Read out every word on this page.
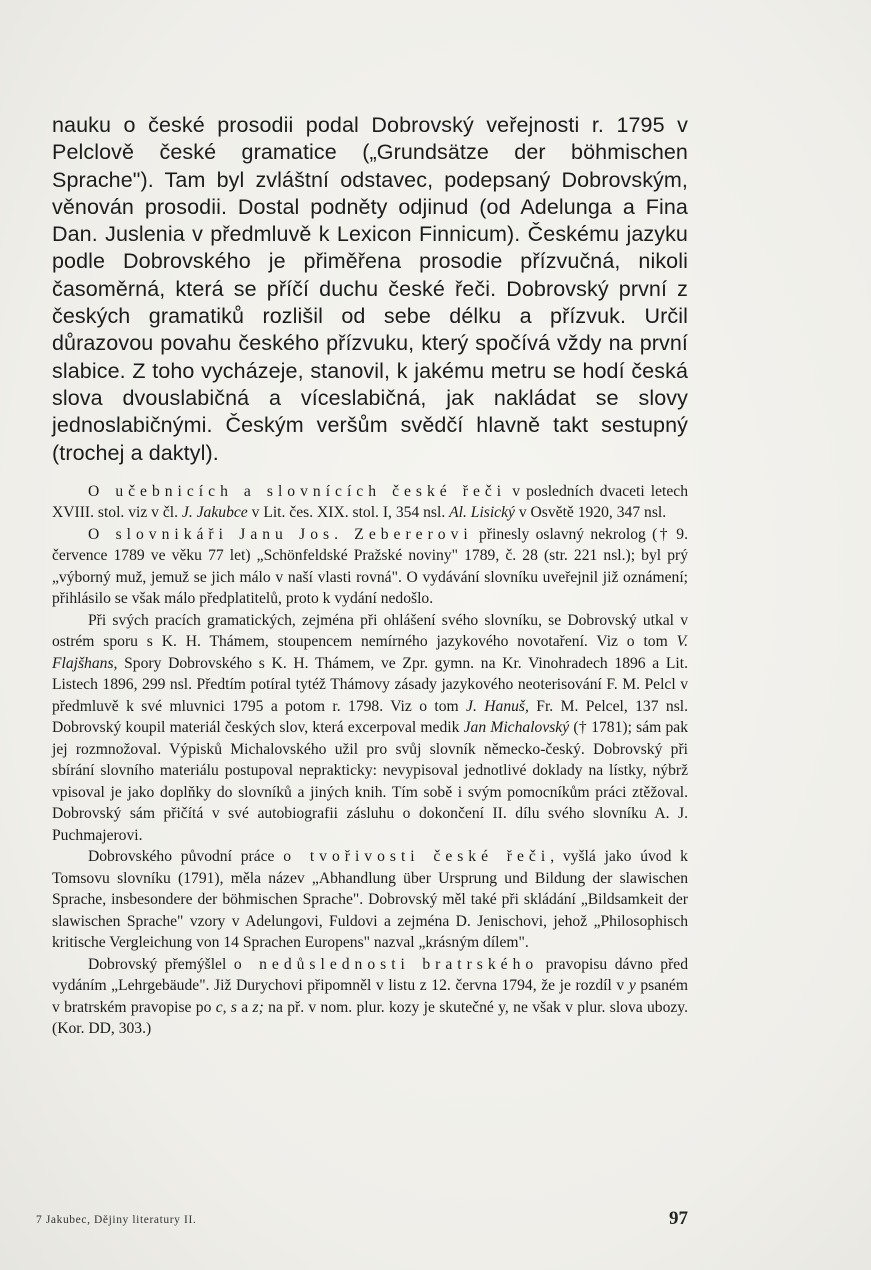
nauku o české prosodii podal Dobrovský veřejnosti r. 1795 v Pelclově české gramatice („Grundsätze der böhmischen Sprache"). Tam byl zvláštní odstavec, podepsaný Dobrovským, věnován prosodii. Dostal podněty odjinud (od Adelunga a Fina Dan. Juslenia v předmluvě k Lexicon Finnicum). Českému jazyku podle Dobrovského je přiměřena prosodie přízvučná, nikoli časoměrná, která se příčí duchu české řeči. Dobrovský první z českých gramatiků rozlišil od sebe délku a přízvuk. Určil důrazovou povahu českého přízvuku, který spočívá vždy na první slabice. Z toho vycházeje, stanovil, k jakému metru se hodí česká slova dvouslabičná a víceslabičná, jak nakládat se slovy jednoslabičnými. Českým veršům svědčí hlavně takt sestupný (trochej a daktyl).

O učebnicích a slovnících české řeči v posledních dvaceti letech XVIII. stol. viz v čl. J. Jakubce v Lit. čes. XIX. stol. I, 354 nsl. Al. Lisický v Osvětě 1920, 347 nsl.

O slovnikáři Janu Jos. Zebererovi přinesly oslavný nekrolog († 9. července 1789 ve věku 77 let) „Schönfeldské Pražské noviny" 1789, č. 28 (str. 221 nsl.); byl prý „výborný muž, jemuž se jich málo v naší vlasti rovná". O vydávání slovníku uveřejnil již oznámení; přihlásilo se však málo předplatitelů, proto k vydání nedošlo.

Při svých pracích gramatických, zejména při ohlášení svého slovníku, se Dobrovský utkal v ostrém sporu s K. H. Thámem, stoupencem nemírného jazykového novotaření. Viz o tom V. Flajšhans, Spory Dobrovského s K. H. Thámem, ve Zpr. gymn. na Kr. Vinohradech 1896 a Lit. Listech 1896, 299 nsl. Předtím potíral tytéž Thámovy zásady jazykového neoterisování F. M. Pelcl v předmluvě k své mluvnici 1795 a potom r. 1798. Viz o tom J. Hanuš, Fr. M. Pelcel, 137 nsl. Dobrovský koupil materiál českých slov, která excerpoval medik Jan Michalovský († 1781); sám pak jej rozmnožoval. Výpisků Michalovského užil pro svůj slovník německo-český. Dobrovský při sbírání slovního materiálu postupoval neprakticky: nevypisoval jednotlivé doklady na lístky, nýbrž vpisoval je jako doplňky do slovníků a jiných knih. Tím sobě i svým pomocníkům práci ztěžoval. Dobrovský sám přičítá v své autobiografii zásluhu o dokončení II. dílu svého slovníku A. J. Puchmajerovi.

Dobrovského původní práce o tvořivosti české řeči, vyšlá jako úvod k Tomsovu slovníku (1791), měla název „Abhandlung über Ursprung und Bildung der slawischen Sprache, insbesondere der böhmischen Sprache". Dobrovský měl také při skládání „Bildsamkeit der slawischen Sprache" vzory v Adelungovi, Fuldovi a zejména D. Jenischovi, jehož „Philosophisch kritische Vergleichung von 14 Sprachen Europens" nazval „krásným dílem".

Dobrovský přemýšlel o nedůslednosti bratrského pravopisu dávno před vydáním „Lehrgebäude". Již Durychovi připomněl v listu z 12. června 1794, že je rozdíl v y psaném v bratrském pravopise po c, s a z; na př. v nom. plur. kozy je skutečné y, ne však v plur. slova ubozy. (Kor. DD, 303.)

7 Jakubec, Dějiny literatury II.	97
